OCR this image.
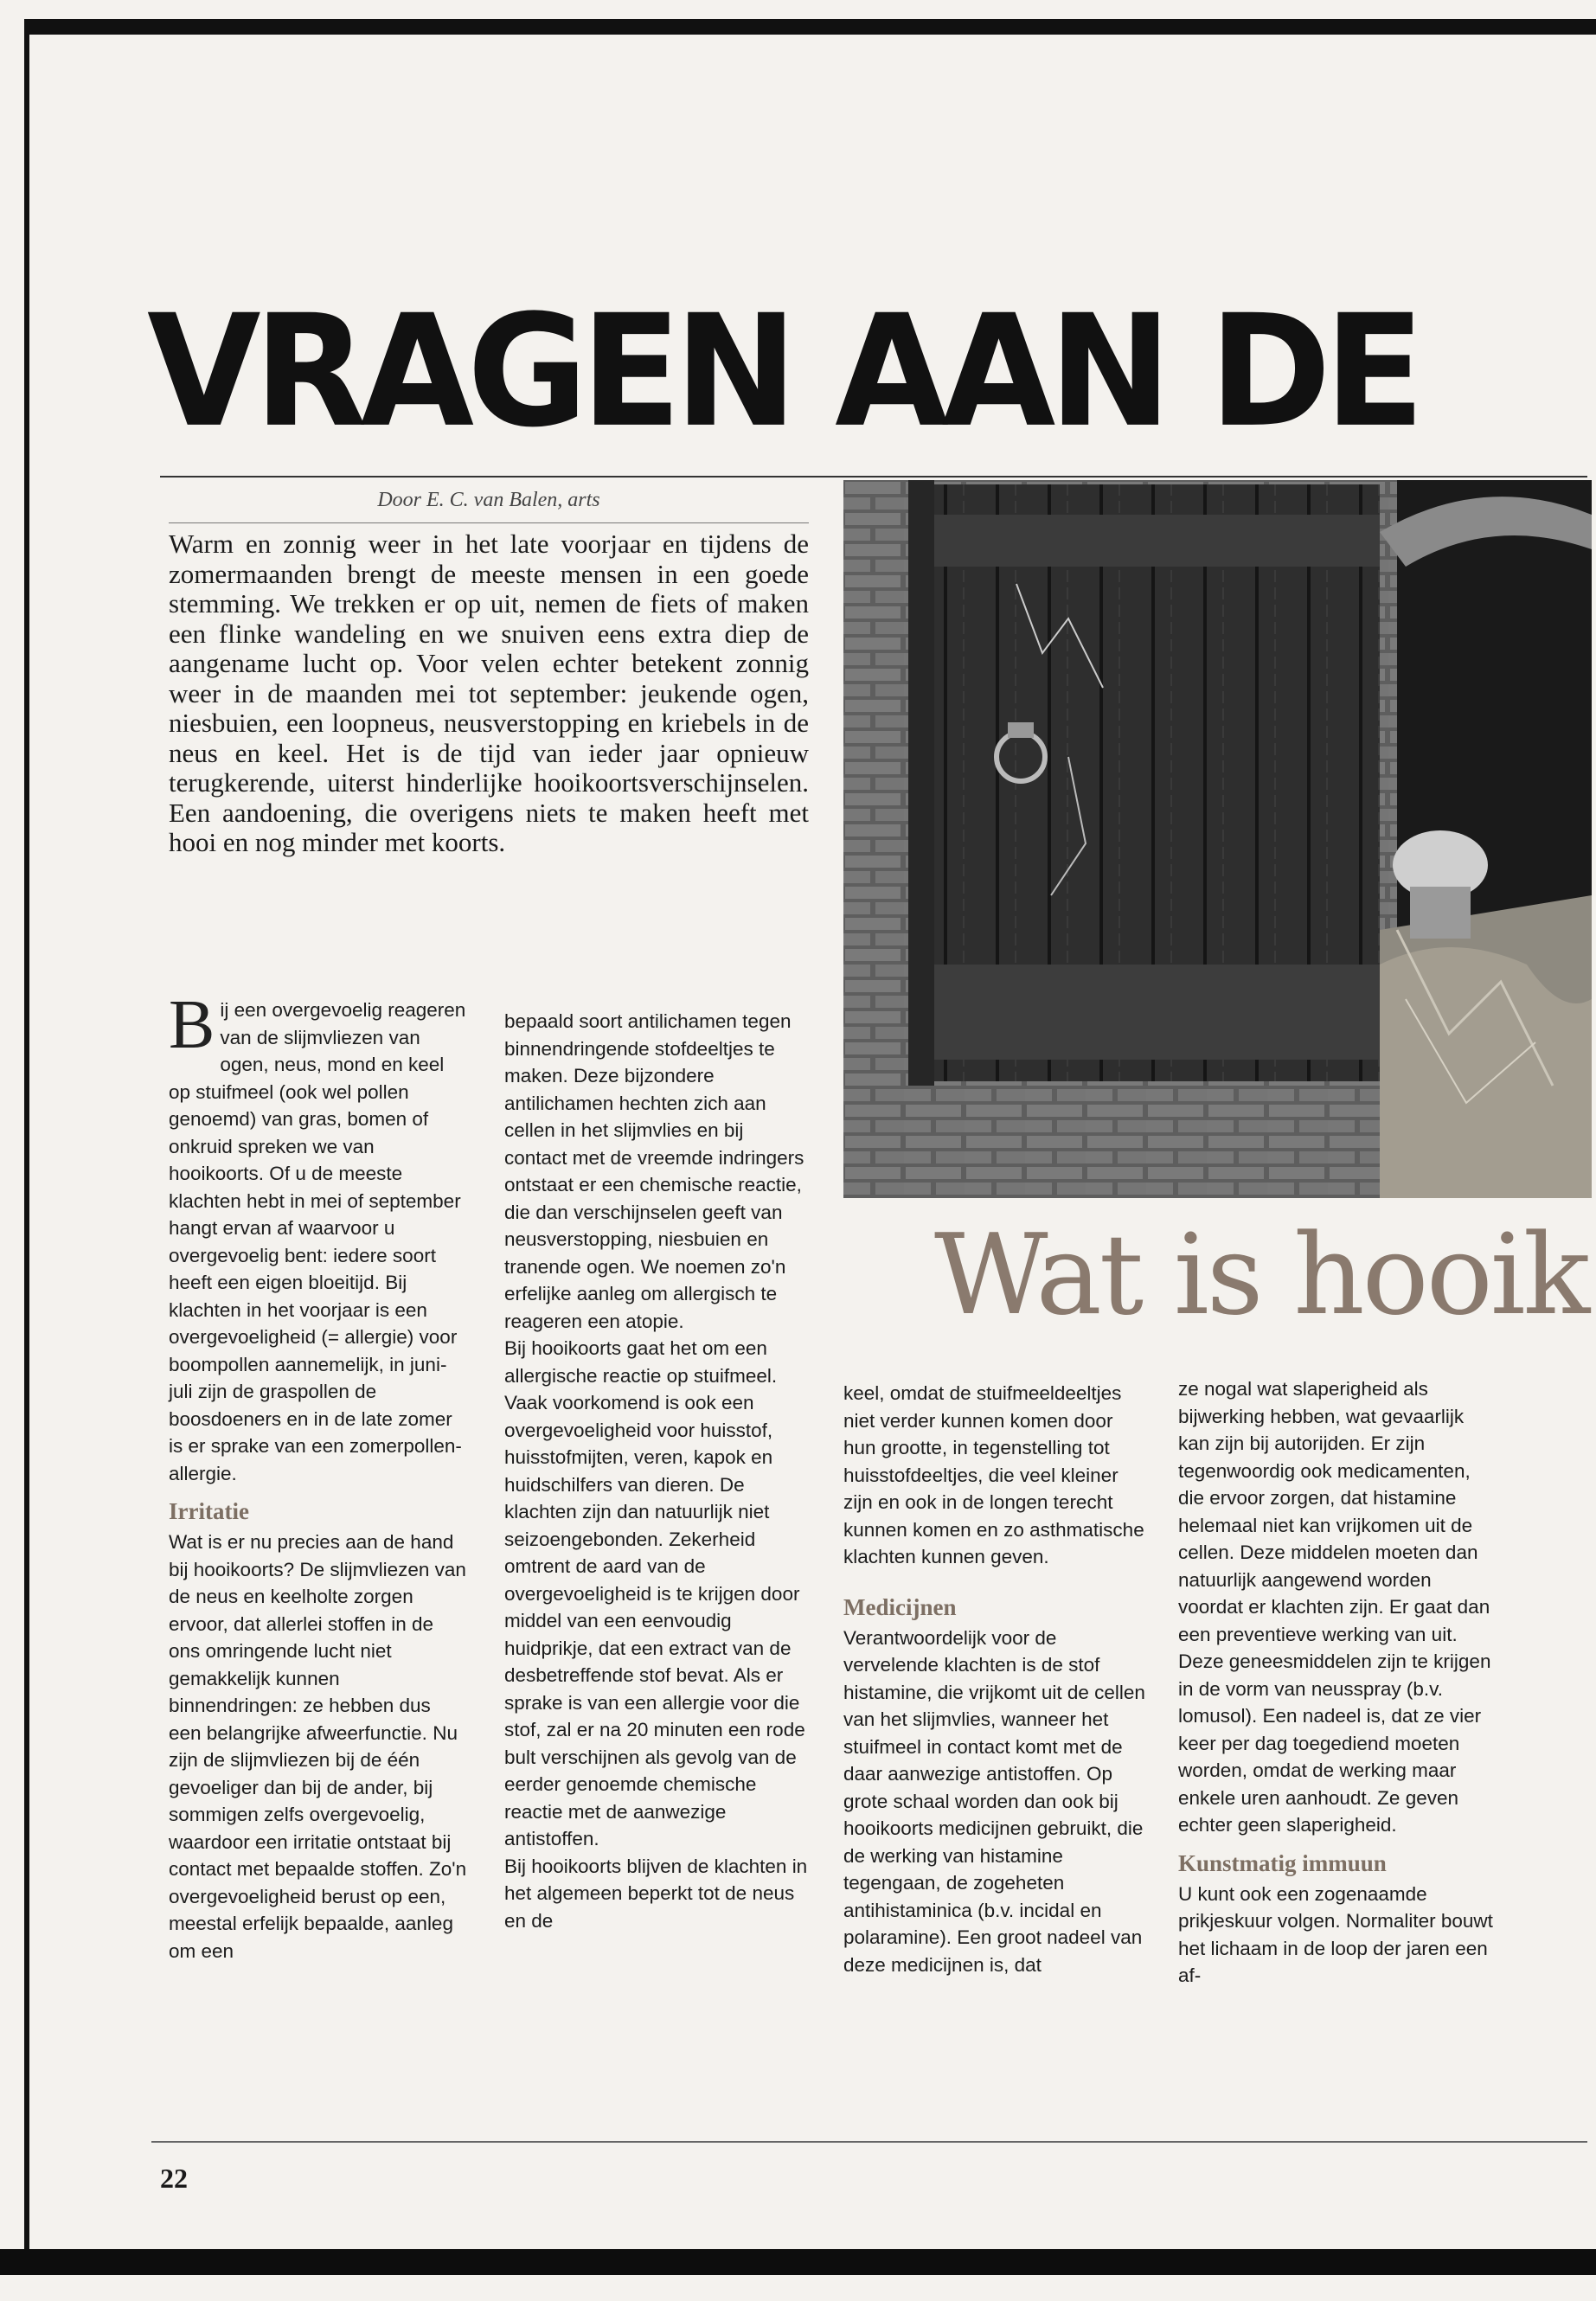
VRAGEN AAN DE
Door E. C. van Balen, arts

Warm en zonnig weer in het late voorjaar en tijdens de zomermaanden brengt de meeste mensen in een goede stemming. We trekken er op uit, nemen de fiets of maken een flinke wandeling en we snuiven eens extra diep de aangename lucht op. Voor velen echter betekent zonnig weer in de maanden mei tot september: jeukende ogen, niesbuien, een loopneus, neusverstopping en kriebels in de neus en keel. Het is de tijd van ieder jaar opnieuw terugkerende, uiterst hinderlijke hooikoortsverschijnselen. Een aandoening, die overigens niets te maken heeft met hooi en nog minder met koorts.

Wat is hooik

Bij een overgevoelig reageren van de slijmvliezen van ogen, neus, mond en keel op stuifmeel (ook wel pollen genoemd) van gras, bomen of onkruid spreken we van hooikoorts. Of u de meeste klachten hebt in mei of september hangt ervan af waarvoor u overgevoelig bent: iedere soort heeft een eigen bloeitijd. Bij klachten in het voorjaar is een overgevoeligheid (= allergie) voor boompollen aannemelijk, in juni-juli zijn de graspollen de boosdoeners en in de late zomer is er sprake van een zomerpollen-allergie.

Irritatie

Wat is er nu precies aan de hand bij hooikoorts? De slijmvliezen van de neus en keelholte zorgen ervoor, dat allerlei stoffen in de ons omringende lucht niet gemakkelijk kunnen binnendringen: ze hebben dus een belangrijke afweerfunctie. Nu zijn de slijmvliezen bij de één gevoeliger dan bij de ander, bij sommigen zelfs overgevoelig, waardoor een irritatie ontstaat bij contact met bepaalde stoffen. Zo'n overgevoeligheid berust op een, meestal erfelijk bepaalde, aanleg om een

bepaald soort antilichamen tegen binnendringende stofdeeltjes te maken. Deze bijzondere antilichamen hechten zich aan cellen in het slijmvlies en bij contact met de vreemde indringers ontstaat er een chemische reactie, die dan verschijnselen geeft van neusverstopping, niesbuien en tranende ogen. We noemen zo'n erfelijke aanleg om allergisch te reageren een atopie.

Bij hooikoorts gaat het om een allergische reactie op stuifmeel. Vaak voorkomend is ook een overgevoeligheid voor huisstof, huisstofmijten, veren, kapok en huidschilfers van dieren. De klachten zijn dan natuurlijk niet seizoengebonden. Zekerheid omtrent de aard van de overgevoeligheid is te krijgen door middel van een eenvoudig huidprikje, dat een extract van de desbetreffende stof bevat. Als er sprake is van een allergie voor die stof, zal er na 20 minuten een rode bult verschijnen als gevolg van de eerder genoemde chemische reactie met de aanwezige antistoffen.

Bij hooikoorts blijven de klachten in het algemeen beperkt tot de neus en de

keel, omdat de stuifmeeldeeltjes niet verder kunnen komen door hun grootte, in tegenstelling tot huisstofdeeltjes, die veel kleiner zijn en ook in de longen terecht kunnen komen en zo asthmatische klachten kunnen geven.

Medicijnen

Verantwoordelijk voor de vervelende klachten is de stof histamine, die vrijkomt uit de cellen van het slijmvlies, wanneer het stuifmeel in contact komt met de daar aanwezige antistoffen. Op grote schaal worden dan ook bij hooikoorts medicijnen gebruikt, die de werking van histamine tegengaan, de zogeheten antihistaminica (b.v. incidal en polaramine). Een groot nadeel van deze medicijnen is, dat

ze nogal wat slaperigheid als bijwerking hebben, wat gevaarlijk kan zijn bij autorijden. Er zijn tegenwoordig ook medicamenten, die ervoor zorgen, dat histamine helemaal niet kan vrijkomen uit de cellen. Deze middelen moeten dan natuurlijk aangewend worden voordat er klachten zijn. Er gaat dan een preventieve werking van uit. Deze geneesmiddelen zijn te krijgen in de vorm van neusspray (b.v. lomusol). Een nadeel is, dat ze vier keer per dag toegediend moeten worden, omdat de werking maar enkele uren aanhoudt. Ze geven echter geen slaperigheid.

Kunstmatig immuun

U kunt ook een zogenaamde prikjeskuur volgen. Normaliter bouwt het lichaam in de loop der jaren een af-

22
